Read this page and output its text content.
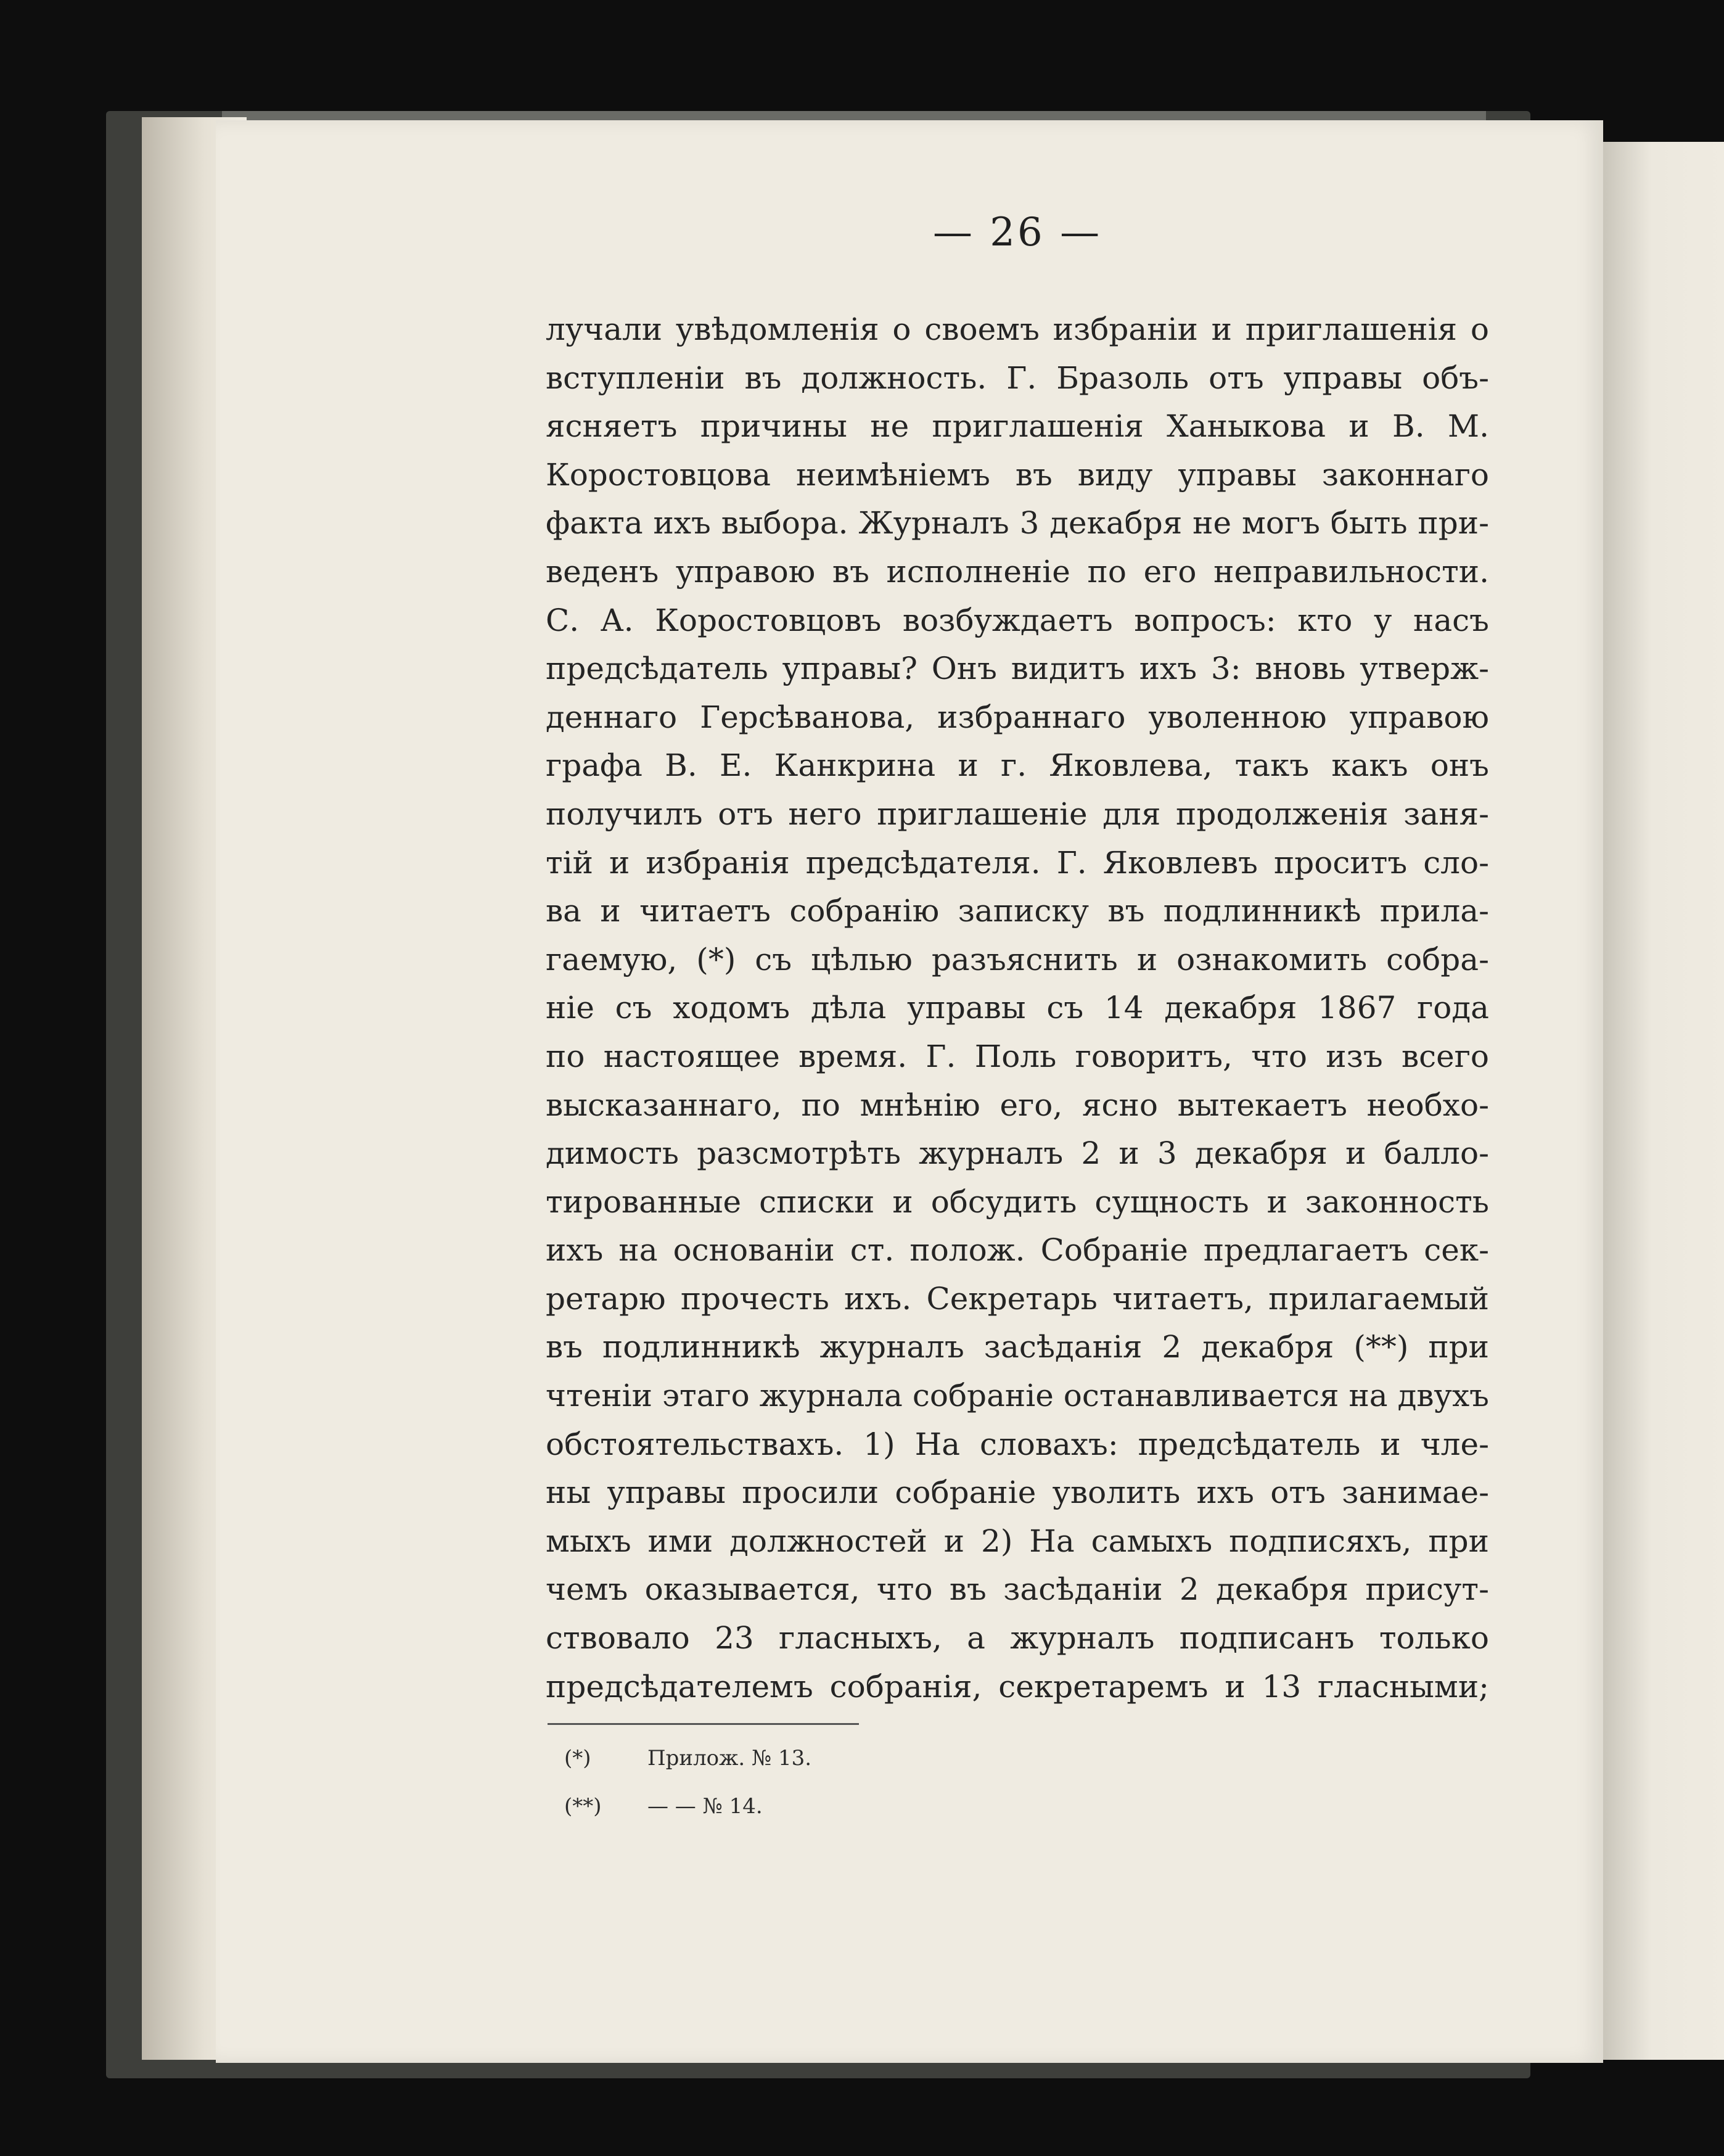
— 26 —
лучали увѣдомленія о своемъ избраніи и приглашенія о
вступленіи въ должность. Г. Бразоль отъ управы объ-
ясняетъ причины не приглашенія Ханыкова и В. М.
Коростовцова неимѣніемъ въ виду управы законнаго
факта ихъ выбора. Журналъ 3 декабря не могъ быть при-
веденъ управою въ исполненіе по его неправильности.
С. А. Коростовцовъ возбуждаетъ вопросъ: кто у насъ
предсѣдатель управы? Онъ видитъ ихъ 3: вновь утверж-
деннаго Герсѣванова, избраннаго уволенною управою
графа В. Е. Канкрина и г. Яковлева, такъ какъ онъ
получилъ отъ него приглашеніе для продолженія заня-
тій и избранія предсѣдателя. Г. Яковлевъ проситъ сло-
ва и читаетъ собранію записку въ подлинникѣ прила-
гаемую, (*) съ цѣлью разъяснить и ознакомить собра-
ніе съ ходомъ дѣла управы съ 14 декабря 1867 года
по настоящее время. Г. Поль говоритъ, что изъ всего
высказаннаго, по мнѣнію его, ясно вытекаетъ необхо-
димость разсмотрѣть журналъ 2 и 3 декабря и балло-
тированные списки и обсудить сущность и законность
ихъ на основаніи ст. полож. Собраніе предлагаетъ сек-
ретарю прочесть ихъ. Секретарь читаетъ, прилагаемый
въ подлинникѣ журналъ засѣданія 2 декабря (**) при
чтеніи этаго журнала собраніе останавливается на двухъ
обстоятельствахъ. 1) На словахъ: предсѣдатель и чле-
ны управы просили собраніе уволить ихъ отъ занимае-
мыхъ ими должностей и 2) На самыхъ подписяхъ, при
чемъ оказывается, что въ засѣданіи 2 декабря присут-
ствовало 23 гласныхъ, а журналъ подписанъ только
предсѣдателемъ собранія, секретаремъ и 13 гласными;
(*)	Прилож. № 13.
(**) — — № 14.
